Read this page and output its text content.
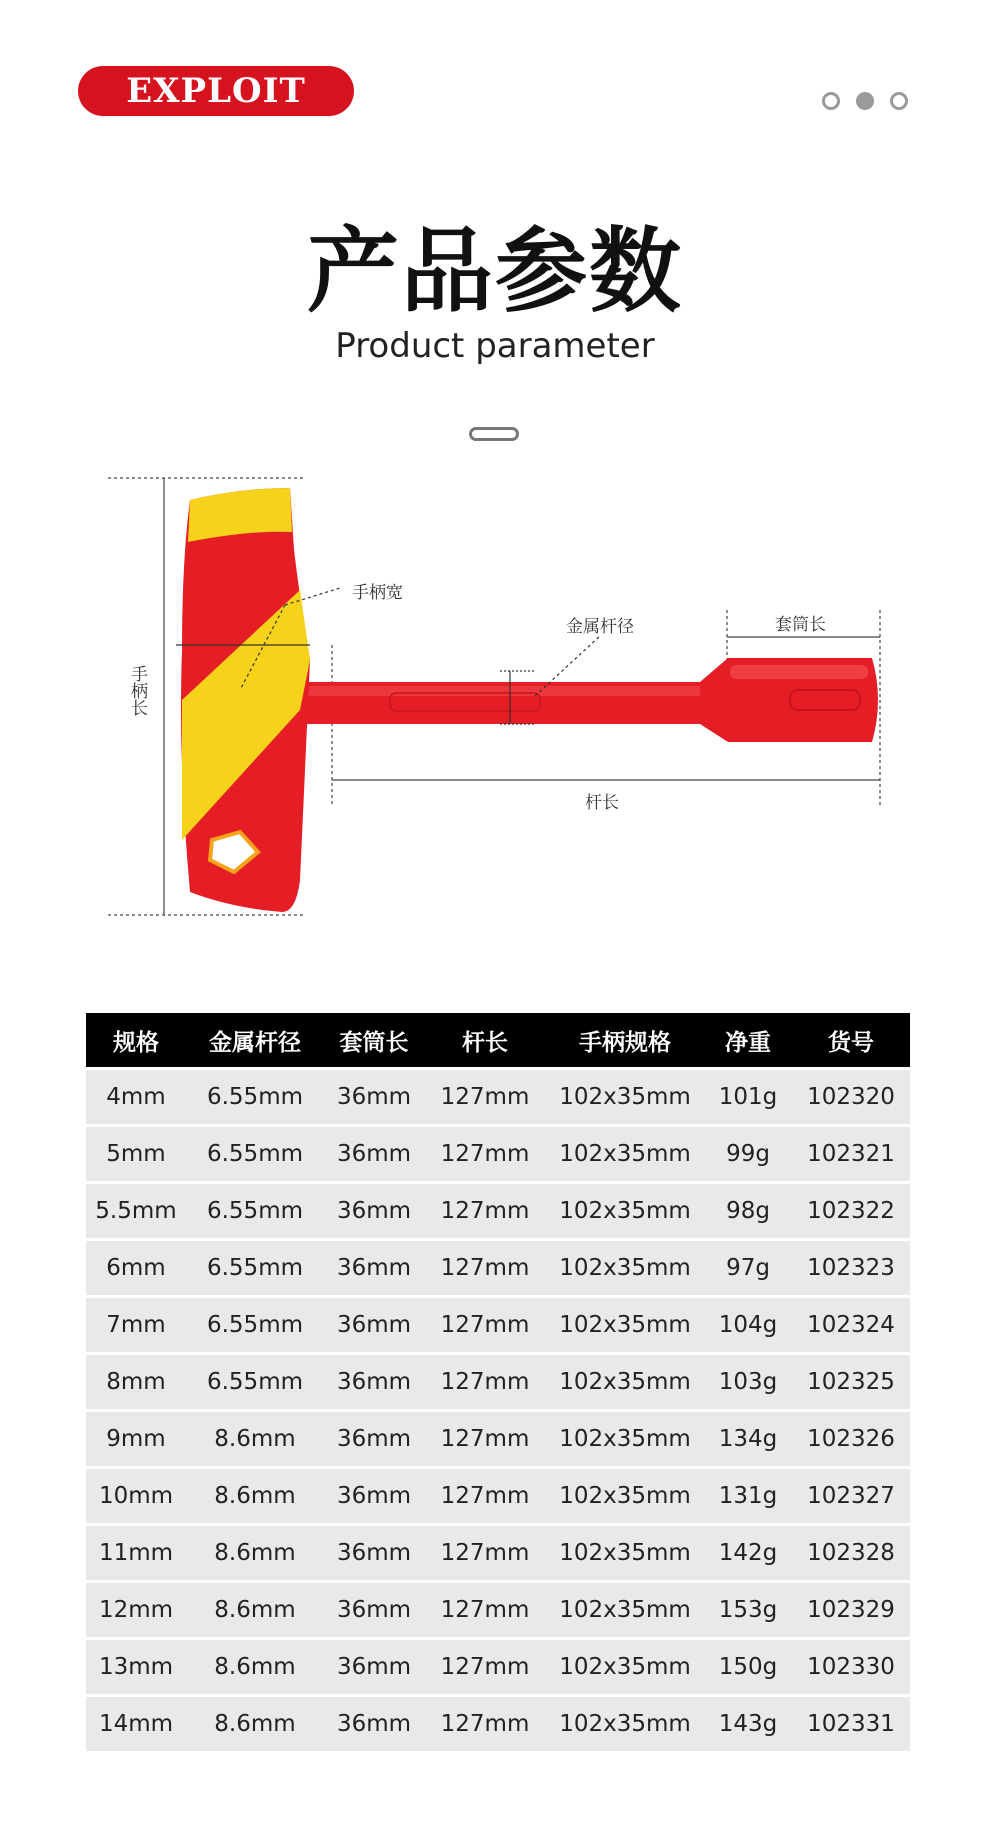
EXPLOIT
产品参数
Product parameter
手柄宽
金属杆径	套筒长
杆长
手柄长
规格	金属杆径	套筒长	杆长	手柄规格	净重	货号
4mm	6.55mm	36mm	127mm	102x35mm	101g	102320
5mm	6.55mm	36mm	127mm	102x35mm	99g	102321
5.5mm	6.55mm	36mm	127mm	102x35mm	98g	102322
6mm	6.55mm	36mm	127mm	102x35mm	97g	102323
7mm	6.55mm	36mm	127mm	102x35mm	104g	102324
8mm	6.55mm	36mm	127mm	102x35mm	103g	102325
9mm	8.6mm	36mm	127mm	102x35mm	134g	102326
10mm	8.6mm	36mm	127mm	102x35mm	131g	102327
11mm	8.6mm	36mm	127mm	102x35mm	142g	102328
12mm	8.6mm	36mm	127mm	102x35mm	153g	102329
13mm	8.6mm	36mm	127mm	102x35mm	150g	102330
14mm	8.6mm	36mm	127mm	102x35mm	143g	102331
